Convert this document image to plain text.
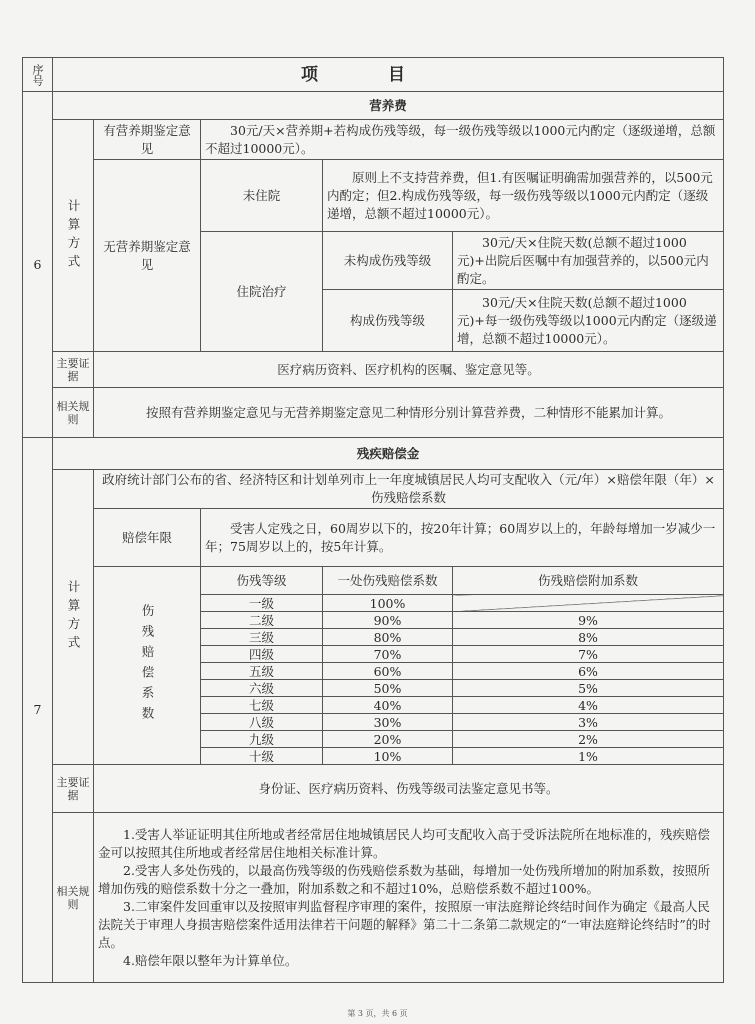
序号	项目				
6	营养费				

	计算方式	有营养期鉴定意见	30元/天×营养期+若构成伤残等级，每一级伤残等级以1000元内酌定（逐级递增，总额不超过10000元）。		
		无营养期鉴定意见	未住院	原则上不支持营养费，但1.有医嘱证明确需加强营养的，以500元内酌定；但2.构成伤残等级，每一级伤残等级以1000元内酌定（逐级递增，总额不超过10000元）。	
			住院治疗	未构成伤残等级	30元/天×住院天数(总额不超过1000元)+出院后医嘱中有加强营养的，以500元内酌定。
				构成伤残等级	30元/天×住院天数(总额不超过1000元)+每一级伤残等级以1000元内酌定（逐级递增，总额不超过10000元）。
	主要证据	医疗病历资料、医疗机构的医嘱、鉴定意见等。			
	相关规则	按照有营养期鉴定意见与无营养期鉴定意见二种情形分别计算营养费，二种情形不能累加计算。			
7	残疾赔偿金				

	计算方式	政府统计部门公布的省、经济特区和计划单列市上一年度城镇居民人均可支配收入（元/年）×赔偿年限（年）×伤残赔偿系数			
		赔偿年限	受害人定残之日，60周岁以下的，按20年计算；60周岁以上的，年龄每增加一岁减少一年；75周岁以上的，按5年计算。		

		伤残赔偿系数	伤残等级	一处伤残赔偿系数	伤残赔偿附加系数
			一级	100%	
			二级	90%	9%
			三级	80%	8%
			四级	70%	7%
			五级	60%	6%
			六级	50%	5%
			七级	40%	4%
			八级	30%	3%
			九级	20%	2%
			十级	10%	1%
	主要证据	身份证、医疗病历资料、伤残等级司法鉴定意见书等。			
	相关规则	1.受害人举证证明其住所地或者经常居住地城镇居民人均可支配收入高于受诉法院所在地标准的，残疾赔偿金可以按照其住所地或者经常居住地相关标准计算。
2.受害人多处伤残的，以最高伤残等级的伤残赔偿系数为基础，每增加一处伤残所增加的附加系数，按照所增加伤残的赔偿系数十分之一叠加，附加系数之和不超过10%，总赔偿系数不超过100%。
3.二审案件发回重审以及按照审判监督程序审理的案件，按照原一审法庭辩论终结时间作为确定《最高人民法院关于审理人身损害赔偿案件适用法律若干问题的解释》第二十二条第二款规定的“一审法庭辩论终结时”的时点。
4.赔偿年限以整年为计算单位。			
第 3 页，共 6 页
